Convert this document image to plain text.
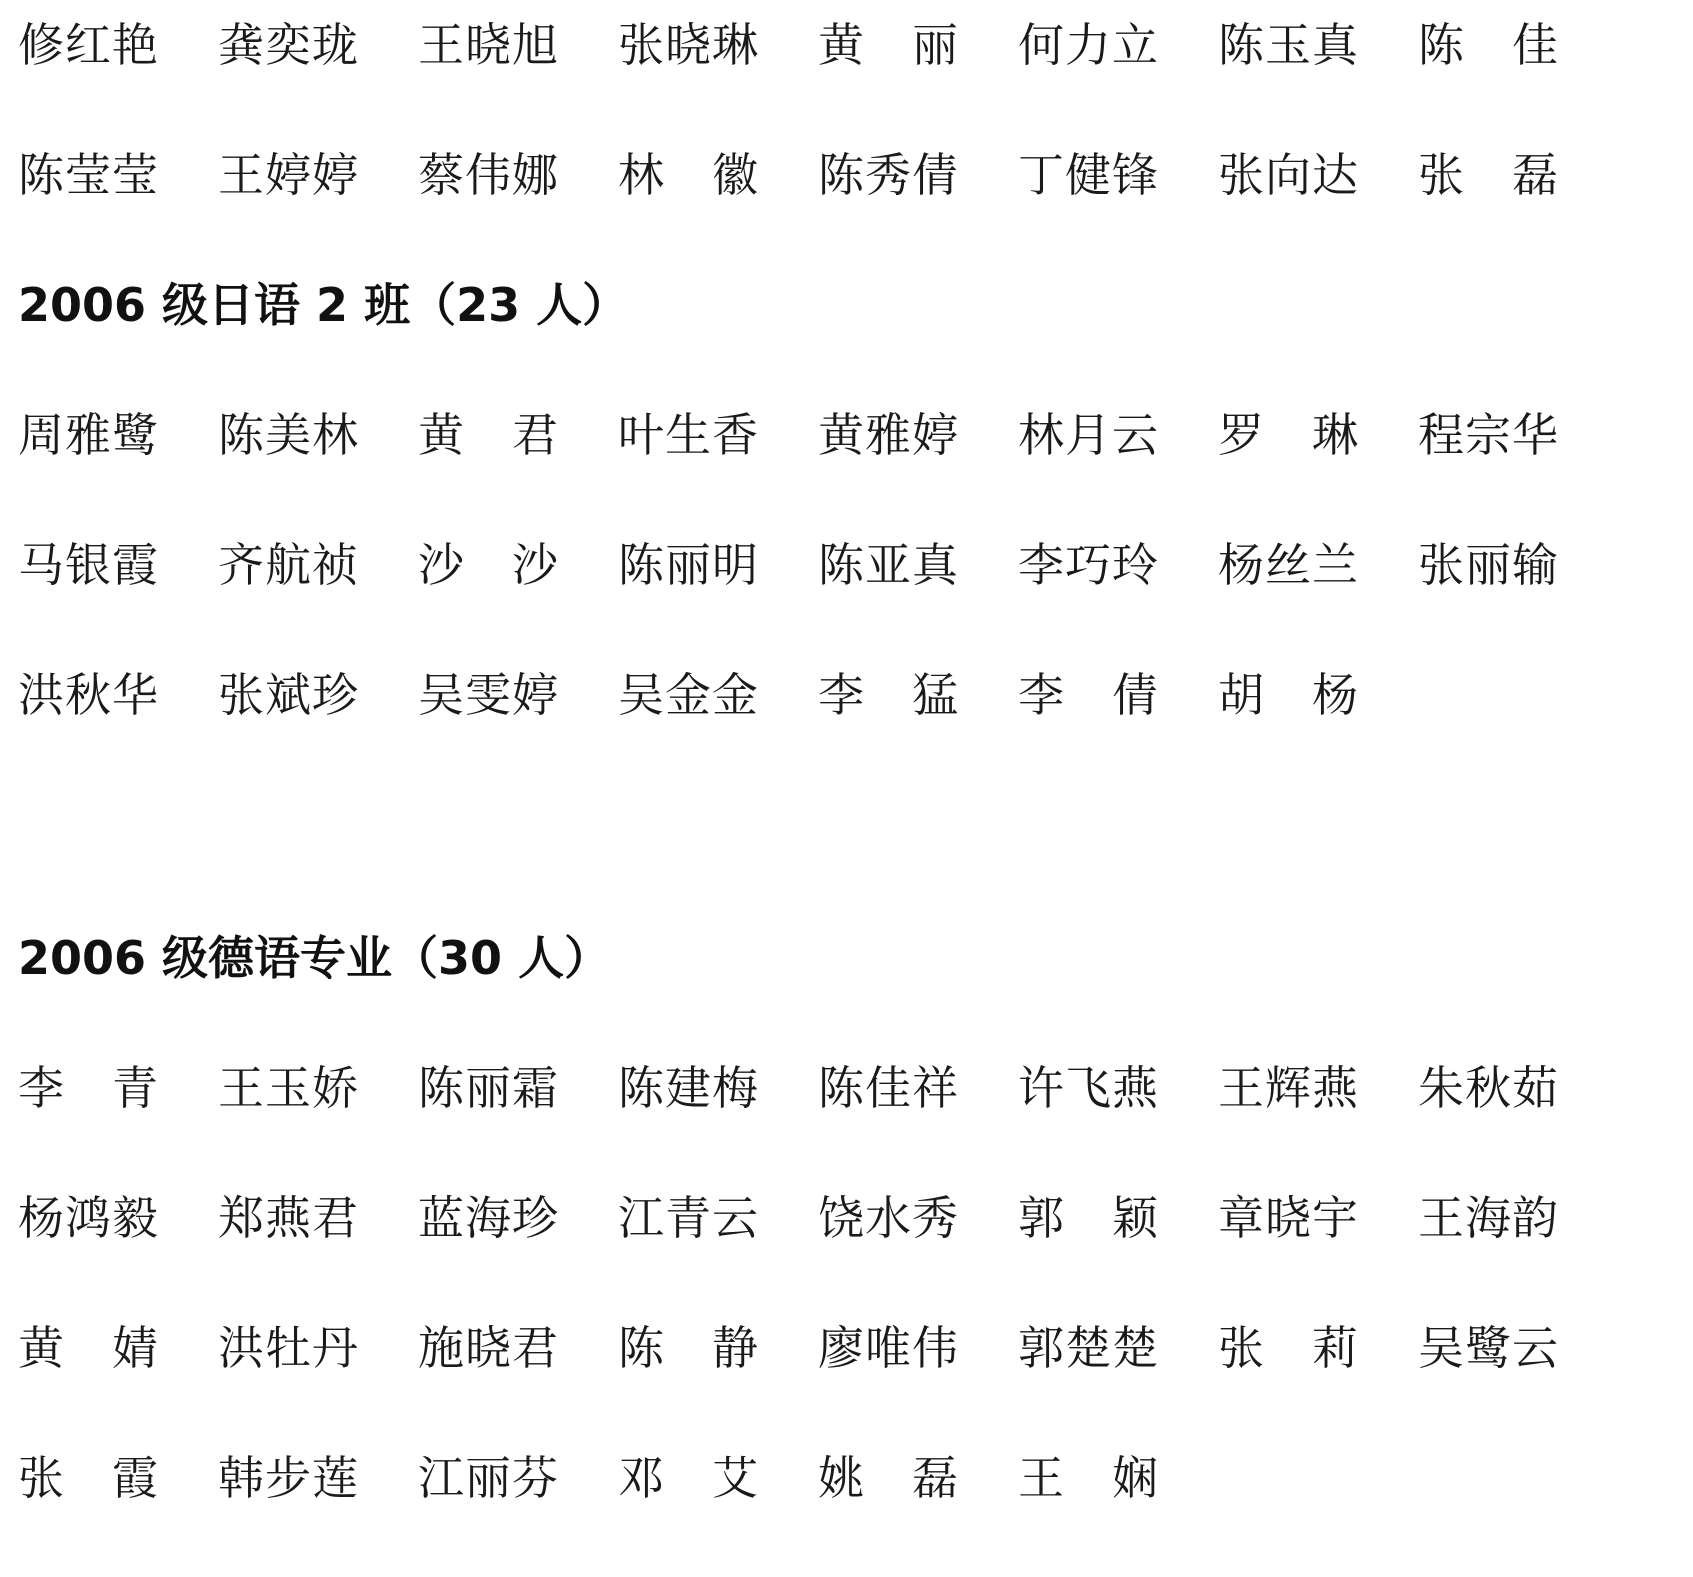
修红艳	龚奕珑	王晓旭	张晓琳	黄　丽	何力立	陈玉真	陈　佳
陈莹莹	王婷婷	蔡伟娜	林　徽	陈秀倩	丁健锋	张向达	张　磊
2006 级日语 2 班（23 人）
周雅鹭	陈美林	黄　君	叶生香	黄雅婷	林月云	罗　琳	程宗华
马银霞	齐航祯	沙　沙	陈丽明	陈亚真	李巧玲	杨丝兰	张丽输
洪秋华	张斌珍	吴雯婷	吴金金	李　猛	李　倩	胡　杨
2006 级德语专业（30 人）
李　青	王玉娇	陈丽霜	陈建梅	陈佳祥	许飞燕	王辉燕	朱秋茹
杨鸿毅	郑燕君	蓝海珍	江青云	饶水秀	郭　颖	章晓宇	王海韵
黄　婧	洪牡丹	施晓君	陈　静	廖唯伟	郭楚楚	张　莉	吴鹭云
张　霞	韩步莲	江丽芬	邓　艾	姚　磊	王　娴
